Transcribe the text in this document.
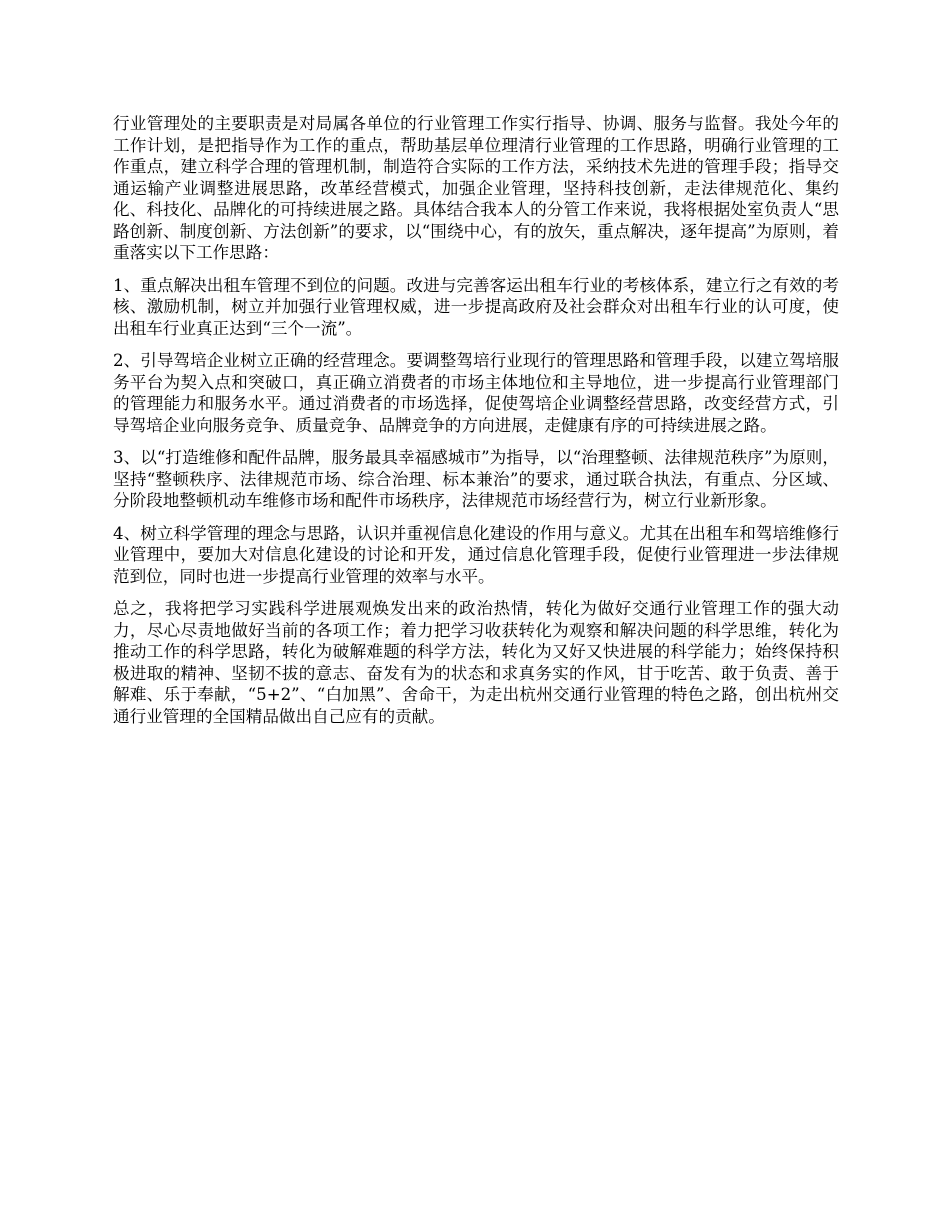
行业管理处的主要职责是对局属各单位的行业管理工作实行指导、协调、服务与监督。我处今年的工作计划，是把指导作为工作的重点，帮助基层单位理清行业管理的工作思路，明确行业管理的工作重点，建立科学合理的管理机制，制造符合实际的工作方法，采纳技术先进的管理手段；指导交通运输产业调整进展思路，改革经营模式，加强企业管理，坚持科技创新，走法律规范化、集约化、科技化、品牌化的可持续进展之路。具体结合我本人的分管工作来说，我将根据处室负责人“思路创新、制度创新、方法创新”的要求，以“围绕中心，有的放矢，重点解决，逐年提高”为原则，着重落实以下工作思路：

1、重点解决出租车管理不到位的问题。改进与完善客运出租车行业的考核体系，建立行之有效的考核、激励机制，树立并加强行业管理权威，进一步提高政府及社会群众对出租车行业的认可度，使出租车行业真正达到“三个一流”。

2、引导驾培企业树立正确的经营理念。要调整驾培行业现行的管理思路和管理手段，以建立驾培服务平台为契入点和突破口，真正确立消费者的市场主体地位和主导地位，进一步提高行业管理部门的管理能力和服务水平。通过消费者的市场选择，促使驾培企业调整经营思路，改变经营方式，引导驾培企业向服务竞争、质量竞争、品牌竞争的方向进展，走健康有序的可持续进展之路。

3、以“打造维修和配件品牌，服务最具幸福感城市”为指导，以“治理整顿、法律规范秩序”为原则，坚持“整顿秩序、法律规范市场、综合治理、标本兼治”的要求，通过联合执法，有重点、分区域、分阶段地整顿机动车维修市场和配件市场秩序，法律规范市场经营行为，树立行业新形象。

4、树立科学管理的理念与思路，认识并重视信息化建设的作用与意义。尤其在出租车和驾培维修行业管理中，要加大对信息化建设的讨论和开发，通过信息化管理手段，促使行业管理进一步法律规范到位，同时也进一步提高行业管理的效率与水平。

总之，我将把学习实践科学进展观焕发出来的政治热情，转化为做好交通行业管理工作的强大动力，尽心尽责地做好当前的各项工作；着力把学习收获转化为观察和解决问题的科学思维，转化为推动工作的科学思路，转化为破解难题的科学方法，转化为又好又快进展的科学能力；始终保持积极进取的精神、坚韧不拔的意志、奋发有为的状态和求真务实的作风，甘于吃苦、敢于负责、善于解难、乐于奉献，“5+2”、“白加黑”、舍命干，为走出杭州交通行业管理的特色之路，创出杭州交通行业管理的全国精品做出自己应有的贡献。
